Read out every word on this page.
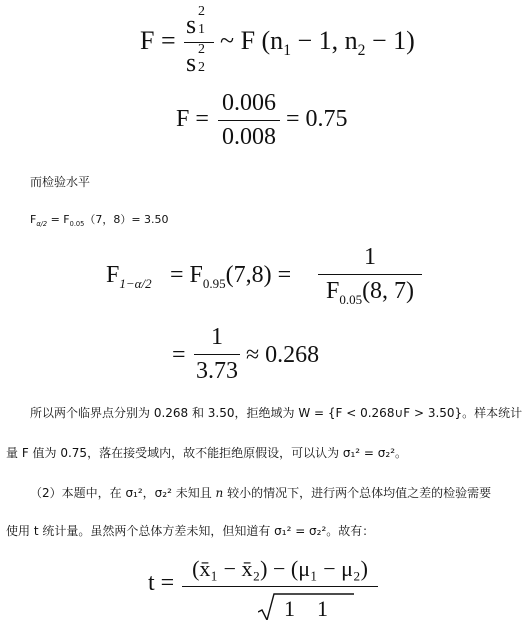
F =
s 2
1
s 2
2
~ F ($n_1 - 1$, $n_2 - 1$)
F =
0.006
0.008
= 0.75
而检验水平
$F_{\alpha/2} = F_{0.05}(7$，8）= 3.50
$F_{1-\alpha/2} = F_{0.95}(7,8)$ =
1
$F_{0.05}(8$, 7)
=
1
3.73
≈ 0.268
所以两个临界点分别为 0.268 和 3.50，拒绝域为 W = {F < 0.268∪F > 3.50}。样本统计
量 F 值为 0.75，落在接受域内，故不能拒绝原假设，可以认为 σ₁² = σ₂²。
（2）本题中，在 σ₁²，σ₂² 未知且 n 较小的情况下，进行两个总体均值之差的检验需要
使用 t 统计量。虽然两个总体方差未知，但知道有 σ₁² = σ₂²。故有：
t =
(x̄₁ − x̄₂) − (μ₁ − μ₂)
1    1
